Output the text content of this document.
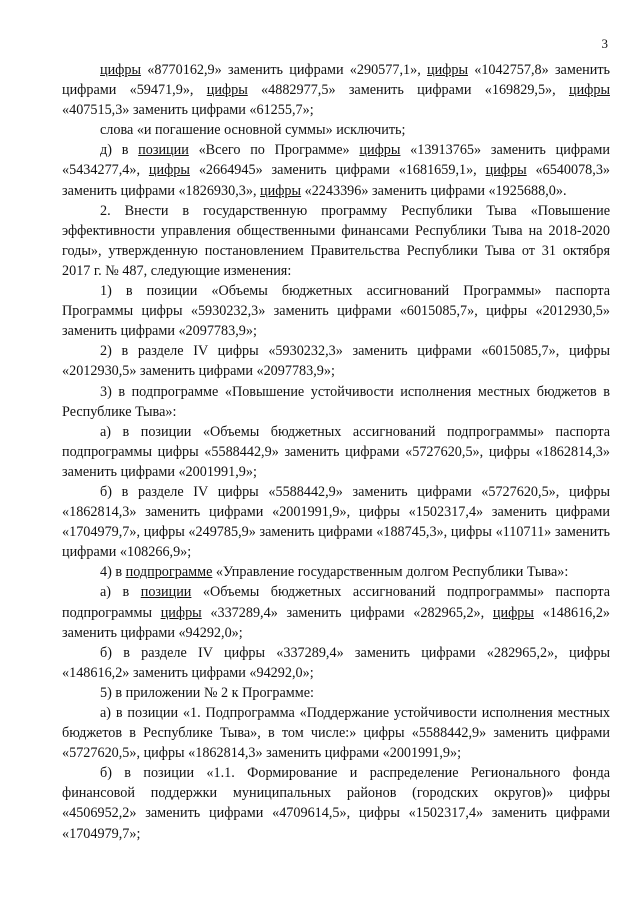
3

цифры «8770162,9» заменить цифрами «290577,1», цифры «1042757,8» заменить цифрами «59471,9», цифры «4882977,5» заменить цифрами «169829,5», цифры «407515,3» заменить цифрами «61255,7»;

слова «и погашение основной суммы» исключить;

д) в позиции «Всего по Программе» цифры «13913765» заменить цифрами «5434277,4», цифры «2664945» заменить цифрами «1681659,1», цифры «6540078,3» заменить цифрами «1826930,3», цифры «2243396» заменить цифрами «1925688,0».

2. Внести в государственную программу Республики Тыва «Повышение эффективности управления общественными финансами Республики Тыва на 2018-2020 годы», утвержденную постановлением Правительства Республики Тыва от 31 октября 2017 г. № 487, следующие изменения:

1) в позиции «Объемы бюджетных ассигнований Программы» паспорта Программы цифры «5930232,3» заменить цифрами «6015085,7», цифры «2012930,5» заменить цифрами «2097783,9»;

2) в разделе IV цифры «5930232,3» заменить цифрами «6015085,7», цифры «2012930,5» заменить цифрами «2097783,9»;

3) в подпрограмме «Повышение устойчивости исполнения местных бюджетов в Республике Тыва»:

а) в позиции «Объемы бюджетных ассигнований подпрограммы» паспорта подпрограммы цифры «5588442,9» заменить цифрами «5727620,5», цифры «1862814,3» заменить цифрами «2001991,9»;

б) в разделе IV цифры «5588442,9» заменить цифрами «5727620,5», цифры «1862814,3» заменить цифрами «2001991,9», цифры «1502317,4» заменить цифрами «1704979,7», цифры «249785,9» заменить цифрами «188745,3», цифры «110711» заменить цифрами «108266,9»;

4) в подпрограмме «Управление государственным долгом Республики Тыва»:

а) в позиции «Объемы бюджетных ассигнований подпрограммы» паспорта подпрограммы цифры «337289,4» заменить цифрами «282965,2», цифры «148616,2» заменить цифрами «94292,0»;

б) в разделе IV цифры «337289,4» заменить цифрами «282965,2», цифры «148616,2» заменить цифрами «94292,0»;

5) в приложении № 2 к Программе:

а) в позиции «1. Подпрограмма «Поддержание устойчивости исполнения местных бюджетов в Республике Тыва», в том числе:» цифры «5588442,9» заменить цифрами «5727620,5», цифры «1862814,3» заменить цифрами «2001991,9»;

б) в позиции «1.1. Формирование и распределение Регионального фонда финансовой поддержки муниципальных районов (городских округов)» цифры «4506952,2» заменить цифрами «4709614,5», цифры «1502317,4» заменить цифрами «1704979,7»;
